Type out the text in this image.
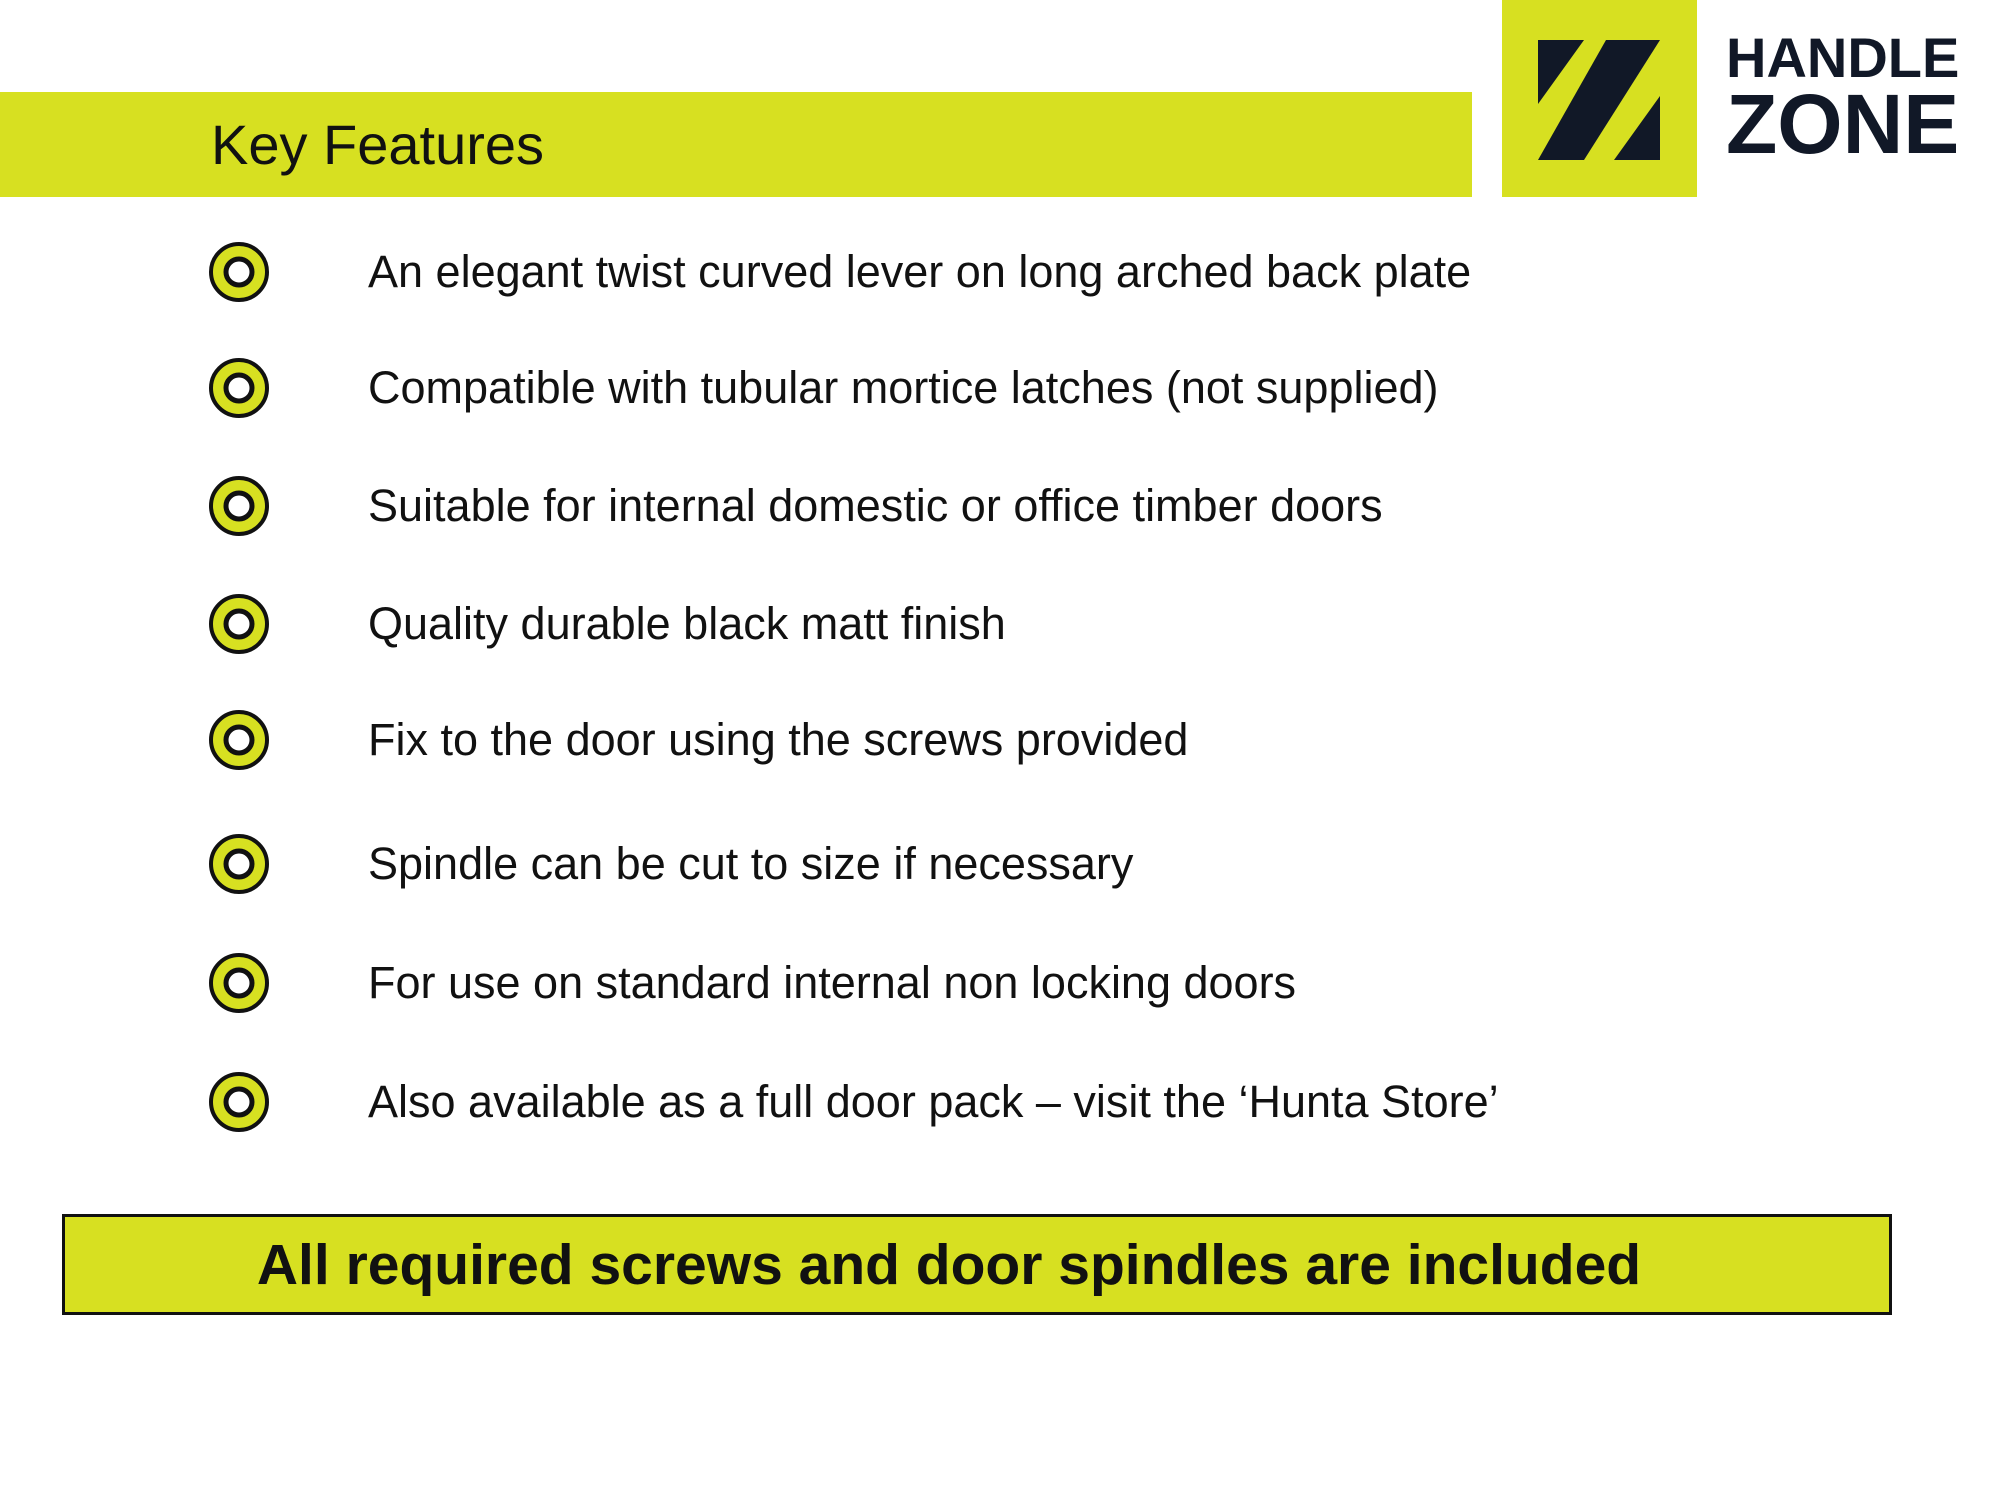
Key Features
HANDLE
ZONE
An elegant twist curved lever on long arched back plate
Compatible with tubular mortice latches (not supplied)
Suitable for internal domestic or office timber doors
Quality durable black matt finish
Fix to the door using the screws provided
Spindle can be cut to size if necessary
For use on standard internal non locking doors
Also available as a full door pack – visit the ‘Hunta Store’
All required screws and door spindles are included
